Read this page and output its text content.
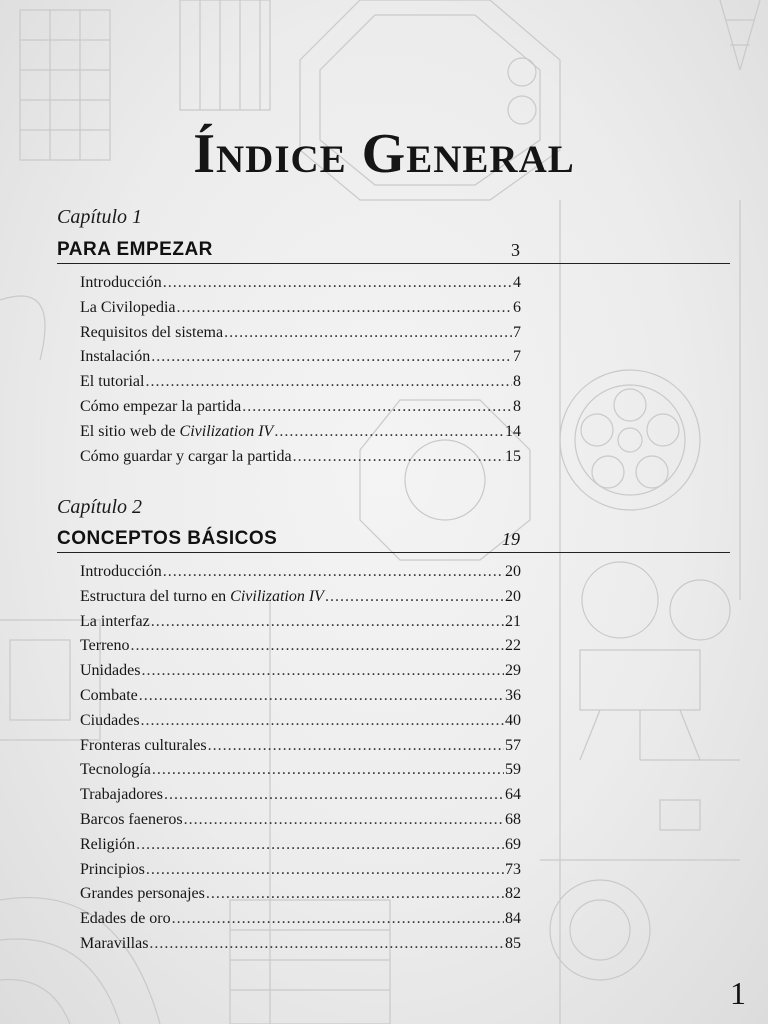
Índice General
Capítulo 1
PARA EMPEZAR	3
Introducción .....	4
La Civilopedia .....	6
Requisitos del sistema .....	7
Instalación .....	7
El tutorial .....	8
Cómo empezar la partida .....	8
El sitio web de Civilization IV .....	14
Cómo guardar y cargar la partida .....	15
Capítulo 2
CONCEPTOS BÁSICOS	19
Introducción .....	20
Estructura del turno en Civilization IV .....	20
La interfaz .....	21
Terreno .....	22
Unidades .....	29
Combate .....	36
Ciudades .....	40
Fronteras culturales .....	57
Tecnología .....	59
Trabajadores .....	64
Barcos faeneros .....	68
Religión .....	69
Principios .....	73
Grandes personajes .....	82
Edades de oro .....	84
Maravillas .....	85
1
